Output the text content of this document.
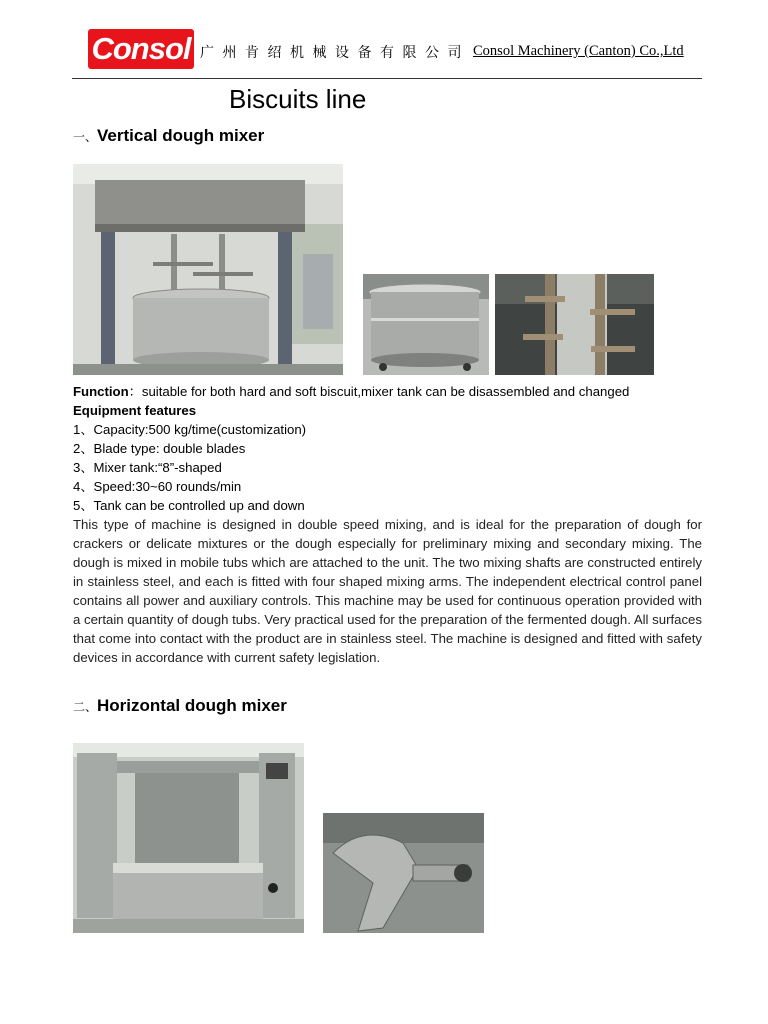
Consol 广州肯绍机械设备有限公司 Consol Machinery (Canton) Co.,Ltd
Biscuits line
一、Vertical dough mixer
Function：suitable for both hard and soft biscuit,mixer tank can be disassembled and changed
Equipment features
1、Capacity:500 kg/time(customization)
2、Blade type: double blades
3、Mixer tank:“8”-shaped
4、Speed:30~60 rounds/min
5、Tank can be controlled up and down
This type of machine is designed in double speed mixing, and is ideal for the preparation of dough for crackers or delicate mixtures or the dough especially for preliminary mixing and secondary mixing. The dough is mixed in mobile tubs which are attached to the unit. The two mixing shafts are constructed entirely in stainless steel, and each is fitted with four shaped mixing arms. The independent electrical control panel contains all power and auxiliary controls. This machine may be used for continuous operation provided with a certain quantity of dough tubs. Very practical used for the preparation of the fermented dough. All surfaces that come into contact with the product are in stainless steel. The machine is designed and fitted with safety devices in accordance with current safety legislation.
二、Horizontal dough mixer
